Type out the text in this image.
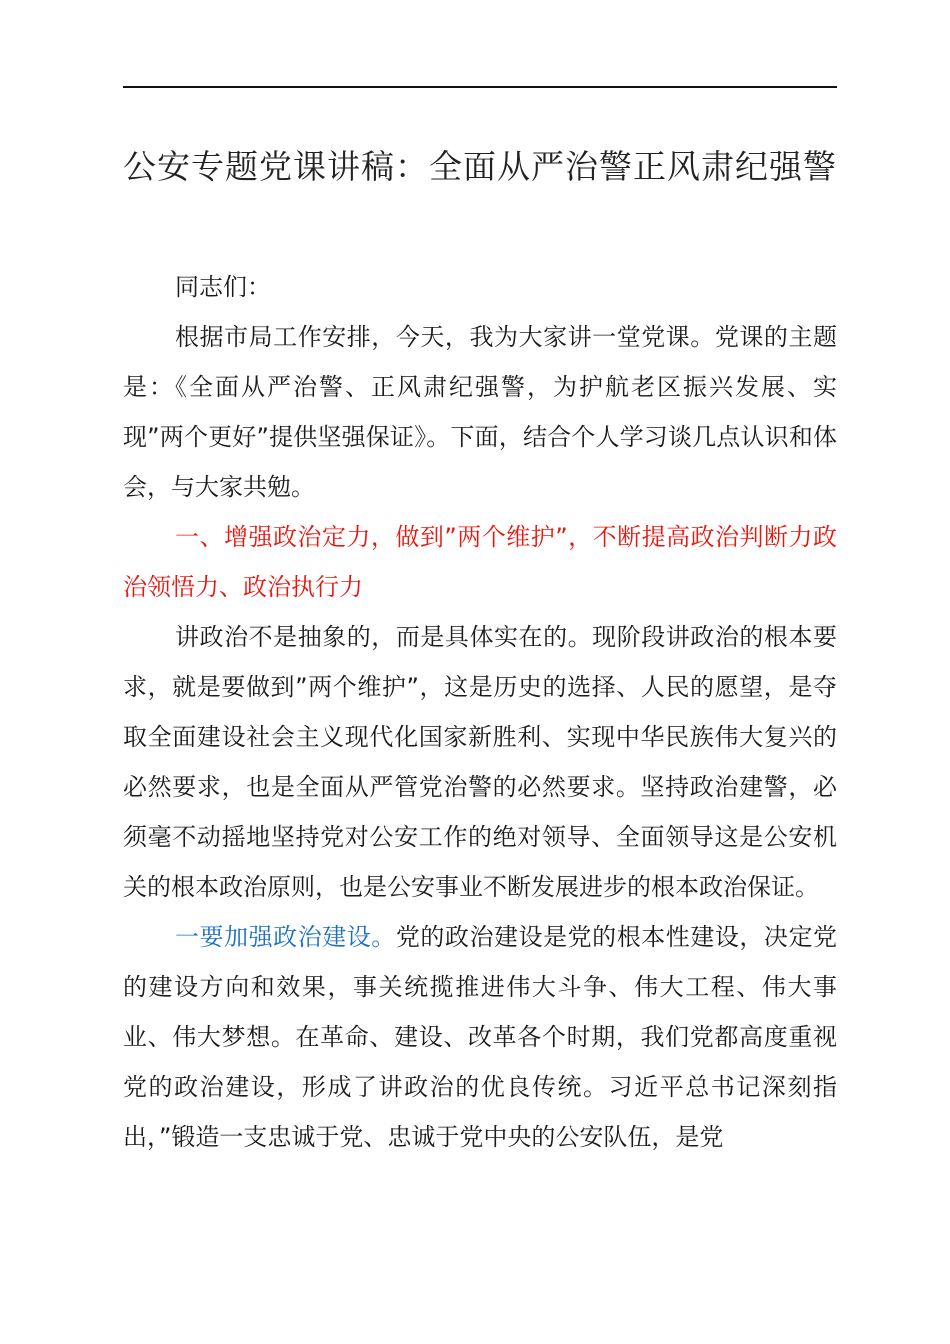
公安专题党课讲稿：全面从严治警正风肃纪强警

同志们：

根据市局工作安排，今天，我为大家讲一堂党课。党课的主题是：《全面从严治警、正风肃纪强警，为护航老区振兴发展、实现”两个更好”提供坚强保证》。下面，结合个人学习谈几点认识和体会，与大家共勉。

一、增强政治定力，做到”两个维护”，不断提高政治判断力政治领悟力、政治执行力

讲政治不是抽象的，而是具体实在的。现阶段讲政治的根本要求，就是要做到”两个维护”，这是历史的选择、人民的愿望，是夺取全面建设社会主义现代化国家新胜利、实现中华民族伟大复兴的必然要求，也是全面从严管党治警的必然要求。坚持政治建警，必须毫不动摇地坚持党对公安工作的绝对领导、全面领导这是公安机关的根本政治原则，也是公安事业不断发展进步的根本政治保证。

一要加强政治建设。党的政治建设是党的根本性建设，决定党的建设方向和效果，事关统揽推进伟大斗争、伟大工程、伟大事业、伟大梦想。在革命、建设、改革各个时期，我们党都高度重视党的政治建设，形成了讲政治的优良传统。习近平总书记深刻指出，”锻造一支忠诚于党、忠诚于党中央的公安队伍，是党
